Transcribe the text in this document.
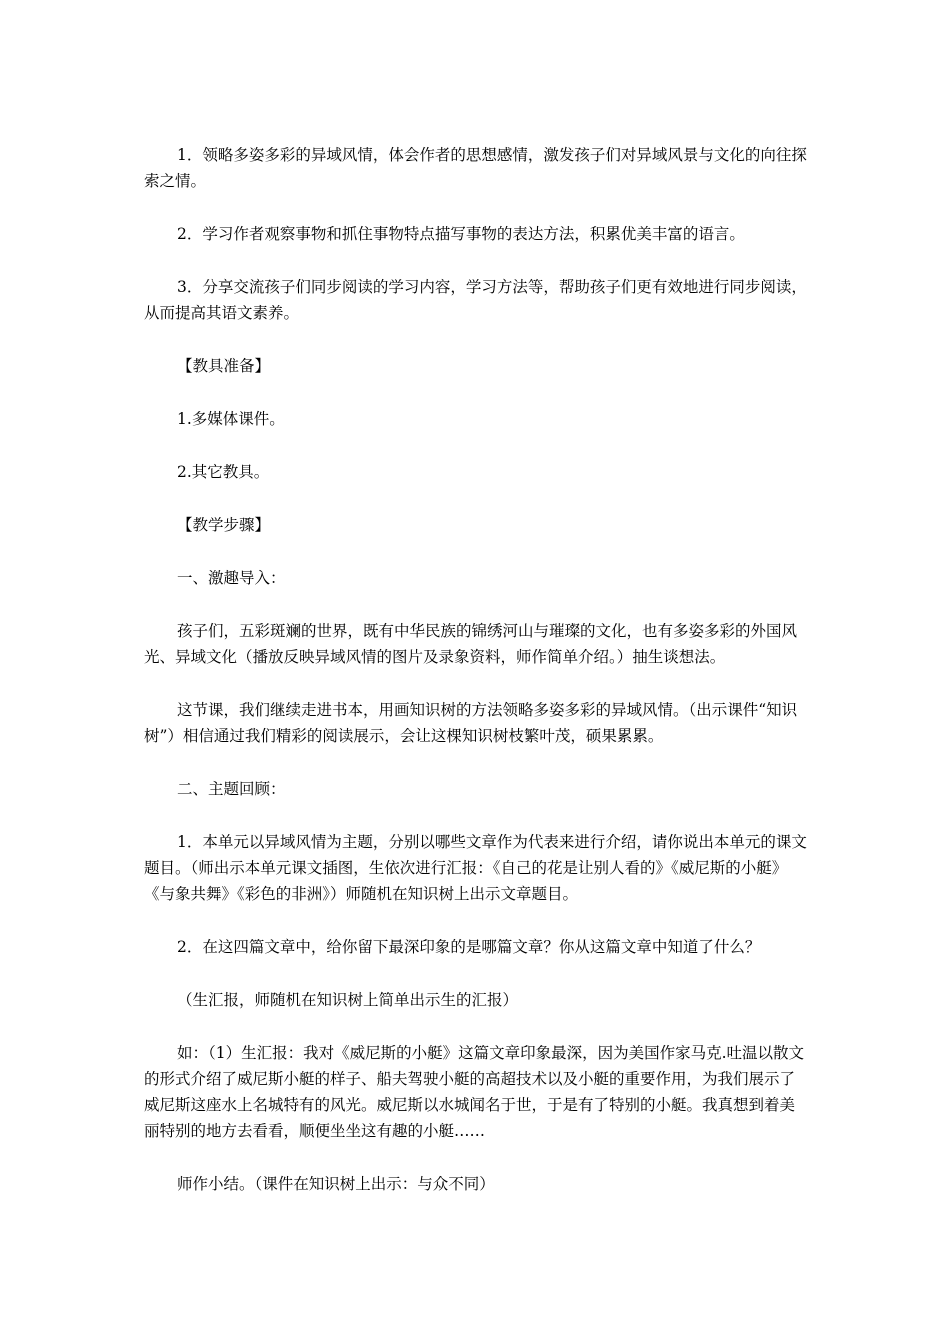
1．领略多姿多彩的异域风情，体会作者的思想感情，激发孩子们对异域风景与文化的向往探索之情。

2．学习作者观察事物和抓住事物特点描写事物的表达方法，积累优美丰富的语言。

3．分享交流孩子们同步阅读的学习内容，学习方法等，帮助孩子们更有效地进行同步阅读，从而提高其语文素养。

【教具准备】

1.多媒体课件。

2.其它教具。

【教学步骤】

一、激趣导入：

孩子们，五彩斑斓的世界，既有中华民族的锦绣河山与璀璨的文化，也有多姿多彩的外国风光、异域文化（播放反映异域风情的图片及录象资料，师作简单介绍。）抽生谈想法。

这节课，我们继续走进书本，用画知识树的方法领略多姿多彩的异域风情。（出示课件“知识树”）相信通过我们精彩的阅读展示，会让这棵知识树枝繁叶茂，硕果累累。

二、主题回顾：

1．本单元以异域风情为主题，分别以哪些文章作为代表来进行介绍，请你说出本单元的课文题目。（师出示本单元课文插图，生依次进行汇报：《自己的花是让别人看的》《威尼斯的小艇》《与象共舞》《彩色的非洲》）师随机在知识树上出示文章题目。

2．在这四篇文章中，给你留下最深印象的是哪篇文章？你从这篇文章中知道了什么？

（生汇报，师随机在知识树上简单出示生的汇报）

如：（1）生汇报：我对《威尼斯的小艇》这篇文章印象最深，因为美国作家马克.吐温以散文的形式介绍了威尼斯小艇的样子、船夫驾驶小艇的高超技术以及小艇的重要作用，为我们展示了威尼斯这座水上名城特有的风光。威尼斯以水城闻名于世，于是有了特别的小艇。我真想到着美丽特别的地方去看看，顺便坐坐这有趣的小艇……

师作小结。（课件在知识树上出示：与众不同）
